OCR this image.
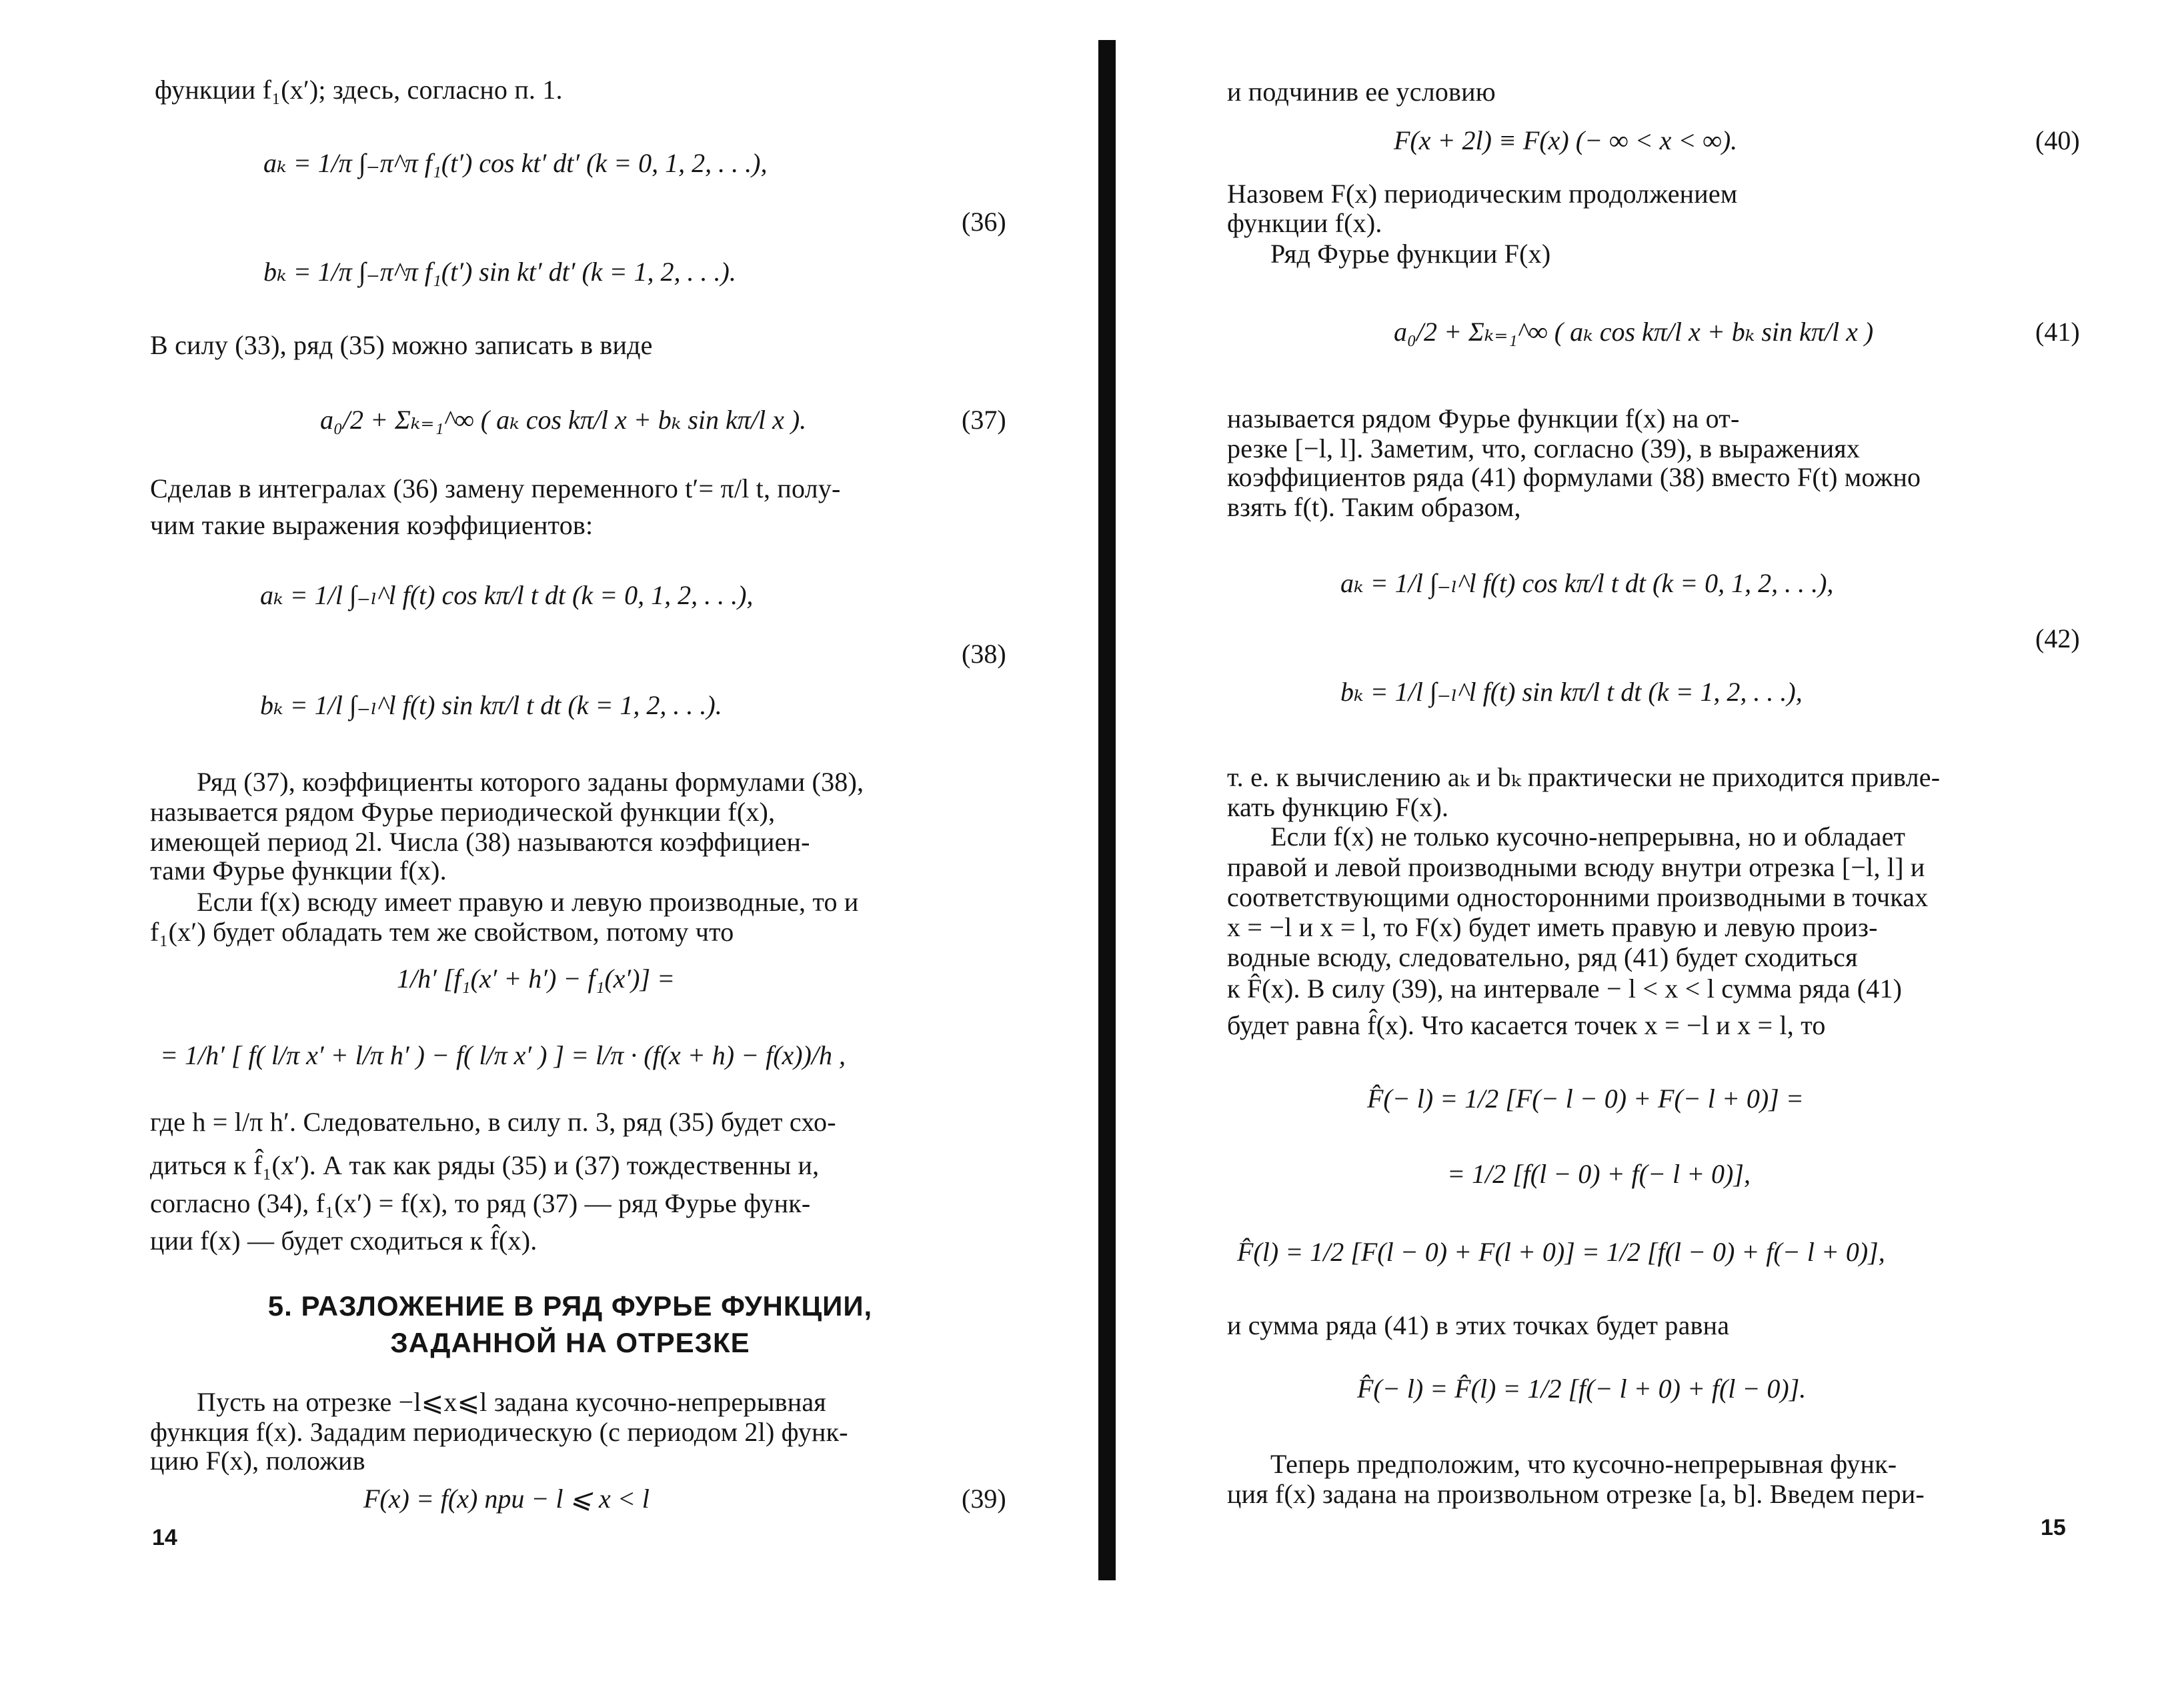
функции f₁(x′); здесь, согласно п. 1.
aₖ = 1/π ∫₋π^π f₁(t′) cos kt′ dt′ (k = 0, 1, 2, . . .),
bₖ = 1/π ∫₋π^π f₁(t′) sin kt′ dt′ (k = 1, 2, . . .).
(36)
В силу (33), ряд (35) можно записать в виде
a₀/2 + Σₖ₌₁^∞ ( aₖ cos kπ/l x + bₖ sin kπ/l x ).	(37)
Сделав в интегралах (36) замену переменного t′= π/l t, полу-
чим такие выражения коэффициентов:
aₖ = 1/l ∫₋ₗ^l f(t) cos kπ/l t dt (k = 0, 1, 2, . . .),
bₖ = 1/l ∫₋ₗ^l f(t) sin kπ/l t dt (k = 1, 2, . . .).
(38)
Ряд (37), коэффициенты которого заданы формулами (38),
называется рядом Фурье периодической функции f(x),
имеющей период 2l. Числа (38) называются коэффициен-
тами Фурье функции f(x).
Если f(x) всюду имеет правую и левую производные, то и
f₁(x′) будет обладать тем же свойством, потому что
1/h′ [f₁(x′ + h′) − f₁(x′)] =
= 1/h′ [ f( l/π x′ + l/π h′ ) − f( l/π x′ ) ] = l/π · (f(x + h) − f(x))/h ,
где h = l/π h′. Следовательно, в силу п. 3, ряд (35) будет схо-
диться к f̂₁(x′). А так как ряды (35) и (37) тождественны и,
согласно (34), f₁(x′) = f(x), то ряд (37) — ряд Фурье функ-
ции f(x) — будет сходиться к f̂(x).
5. РАЗЛОЖЕНИЕ В РЯД ФУРЬЕ ФУНКЦИИ,
ЗАДАННОЙ НА ОТРЕЗКЕ
Пусть на отрезке −l⩽x⩽l задана кусочно-непрерывная
функция f(x). Зададим периодическую (с периодом 2l) функ-
цию F(x), положив
F(x) = f(x) при − l ⩽ x < l	(39)
14
и подчинив ее условию
F(x + 2l) ≡ F(x) (− ∞ < x < ∞).	(40)
Назовем F(x) периодическим продолжением
функции f(x).
Ряд Фурье функции F(x)
a₀/2 + Σₖ₌₁^∞ ( aₖ cos kπ/l x + bₖ sin kπ/l x )	(41)
называется рядом Фурье функции f(x) на от-
резке [−l, l]. Заметим, что, согласно (39), в выражениях
коэффициентов ряда (41) формулами (38) вместо F(t) можно
взять f(t). Таким образом,
aₖ = 1/l ∫₋ₗ^l f(t) cos kπ/l t dt (k = 0, 1, 2, . . .),
bₖ = 1/l ∫₋ₗ^l f(t) sin kπ/l t dt (k = 1, 2, . . .),
(42)
т. е. к вычислению aₖ и bₖ практически не приходится привле-
кать функцию F(x).
Если f(x) не только кусочно-непрерывна, но и обладает
правой и левой производными всюду внутри отрезка [−l, l] и
соответствующими односторонними производными в точках
x = −l и x = l, то F(x) будет иметь правую и левую произ-
водные всюду, следовательно, ряд (41) будет сходиться
к F̂(x). В силу (39), на интервале − l < x < l сумма ряда (41)
будет равна f̂(x). Что касается точек x = −l и x = l, то
F̂(− l) = 1/2 [F(− l − 0) + F(− l + 0)] =
= 1/2 [f(l − 0) + f(− l + 0)],
F̂(l) = 1/2 [F(l − 0) + F(l + 0)] = 1/2 [f(l − 0) + f(− l + 0)],
и сумма ряда (41) в этих точках будет равна
F̂(− l) = F̂(l) = 1/2 [f(− l + 0) + f(l − 0)].
Теперь предположим, что кусочно-непрерывная функ-
ция f(x) задана на произвольном отрезке [a, b]. Введем пери-
15
